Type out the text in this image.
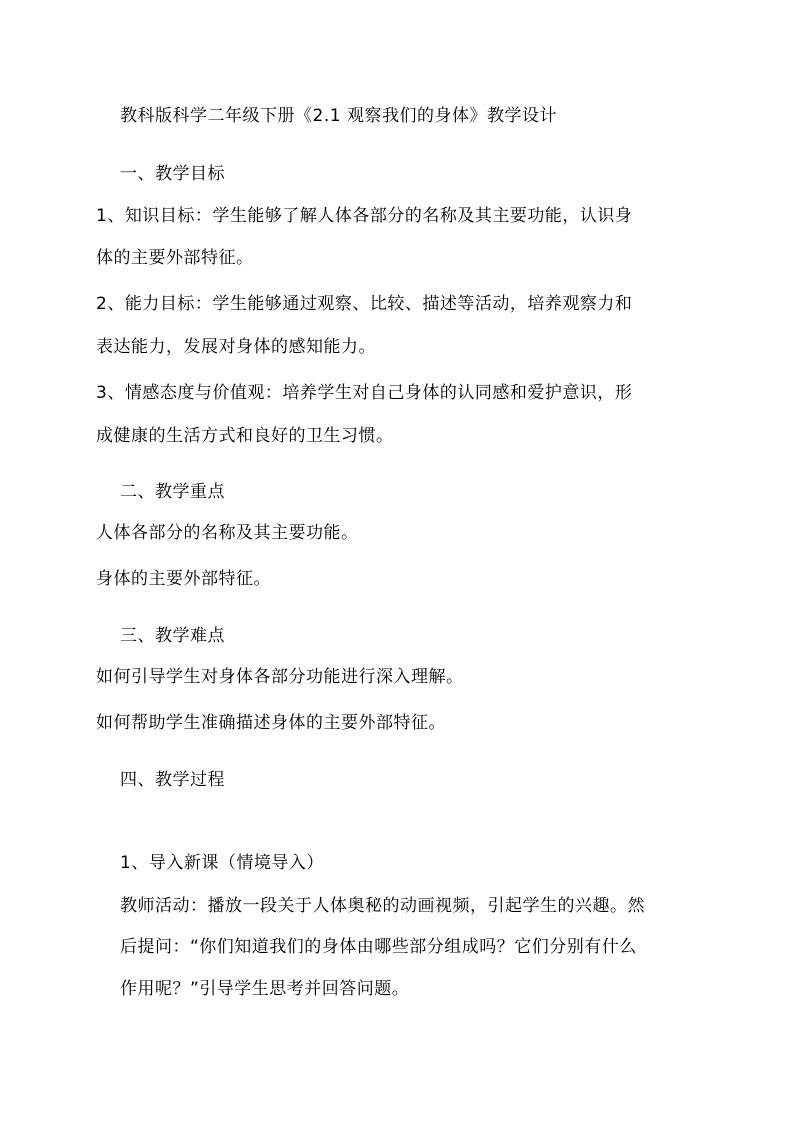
教科版科学二年级下册《2.1 观察我们的身体》教学设计
一、教学目标
1、知识目标：学生能够了解人体各部分的名称及其主要功能，认识身
体的主要外部特征。
2、能力目标：学生能够通过观察、比较、描述等活动，培养观察力和
表达能力，发展对身体的感知能力。
3、情感态度与价值观：培养学生对自己身体的认同感和爱护意识，形
成健康的生活方式和良好的卫生习惯。
二、教学重点
人体各部分的名称及其主要功能。
身体的主要外部特征。
三、教学难点
如何引导学生对身体各部分功能进行深入理解。
如何帮助学生准确描述身体的主要外部特征。
四、教学过程
1、导入新课（情境导入）
教师活动：播放一段关于人体奥秘的动画视频，引起学生的兴趣。然
后提问：“你们知道我们的身体由哪些部分组成吗？它们分别有什么
作用呢？”引导学生思考并回答问题。
